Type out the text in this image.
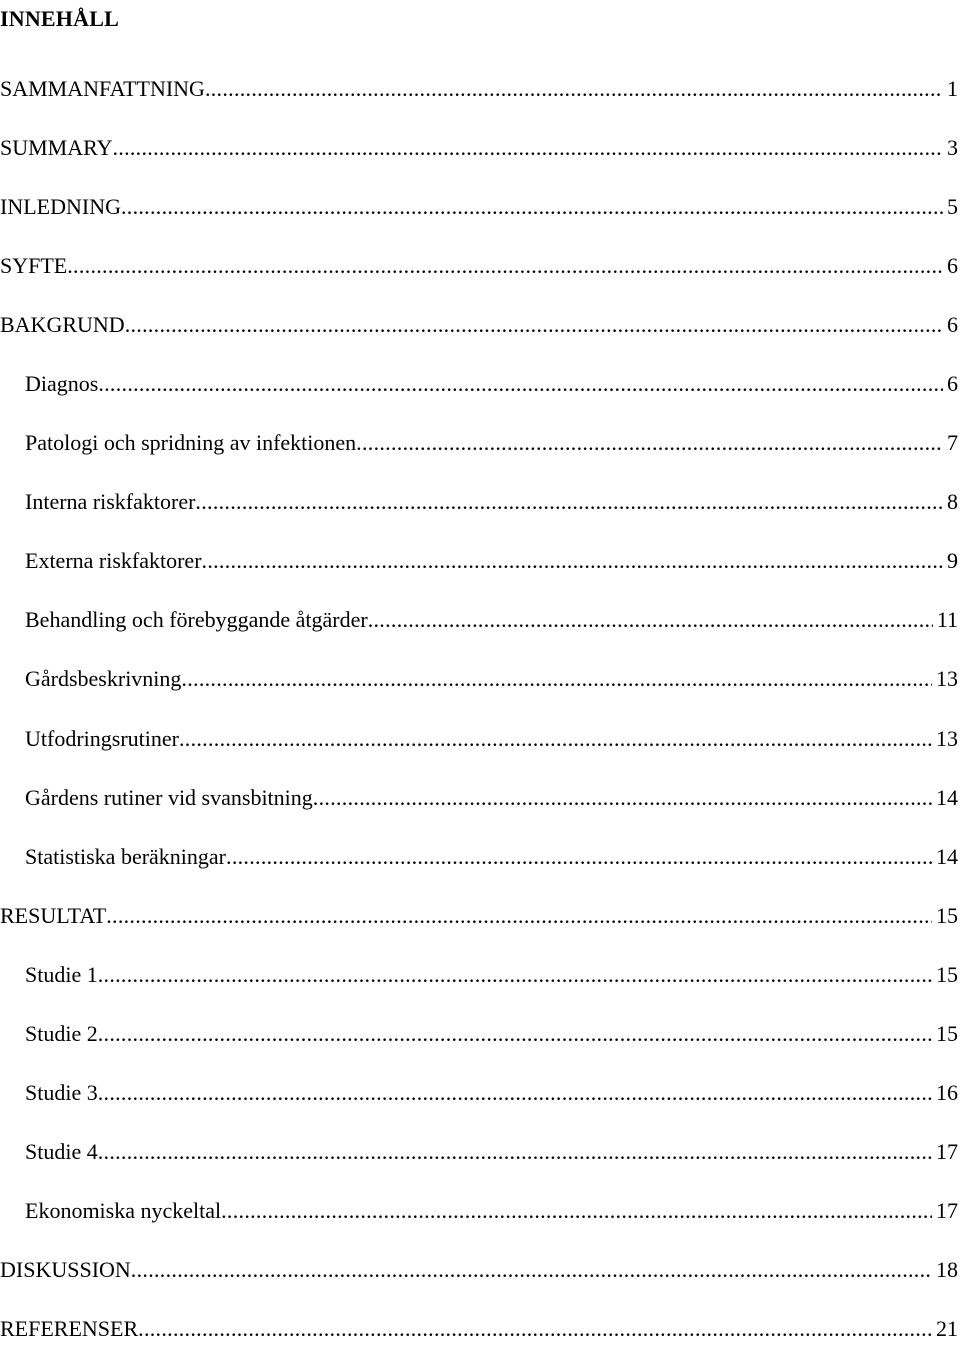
INNEHÅLL
SAMMANFATTNING .....	1
SUMMARY .....	3
INLEDNING .....	5
SYFTE .....	6
BAKGRUND .....	6
Diagnos .....	6
Patologi och spridning av infektionen .....	7
Interna riskfaktorer .....	8
Externa riskfaktorer .....	9
Behandling och förebyggande åtgärder .....	11
Gårdsbeskrivning .....	13
Utfodringsrutiner .....	13
Gårdens rutiner vid svansbitning .....	14
Statistiska beräkningar .....	14
RESULTAT .....	15
Studie 1 .....	15
Studie 2 .....	15
Studie 3 .....	16
Studie 4 .....	17
Ekonomiska nyckeltal .....	17
DISKUSSION .....	18
REFERENSER .....	21
